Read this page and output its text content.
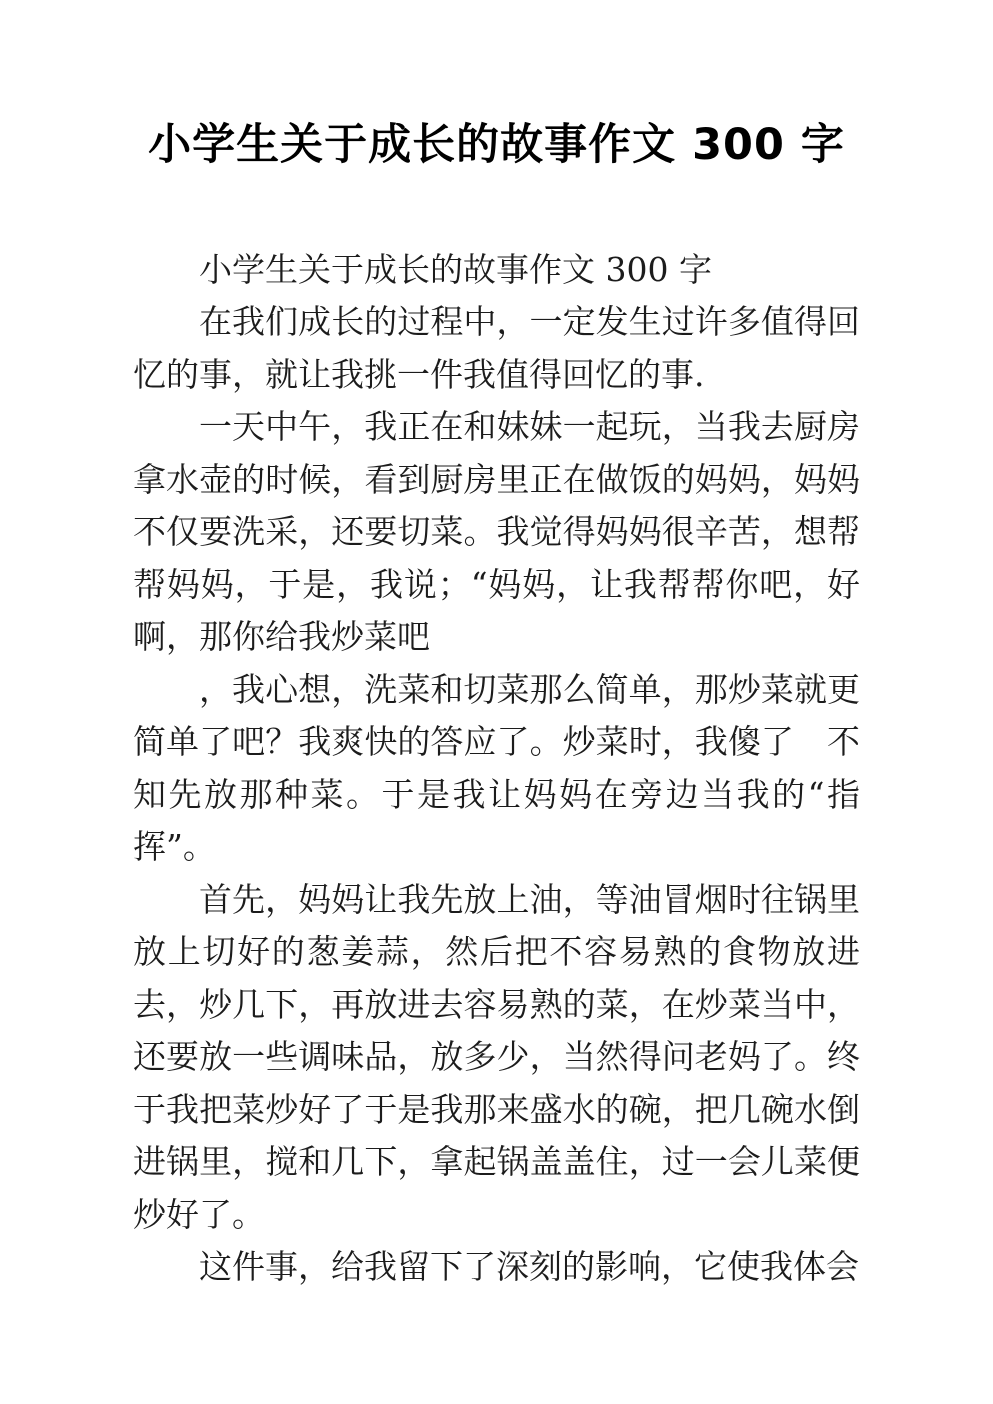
小学生关于成长的故事作文 300 字

小学生关于成长的故事作文 300 字

在我们成长的过程中，一定发生过许多值得回忆的事，就让我挑一件我值得回忆的事.

一天中午，我正在和妹妹一起玩，当我去厨房拿水壶的时候，看到厨房里正在做饭的妈妈，妈妈不仅要洗采，还要切菜。我觉得妈妈很辛苦，想帮帮妈妈，于是，我说；“妈妈，让我帮帮你吧，好啊，那你给我炒菜吧

，我心想，洗菜和切菜那么简单，那炒菜就更简单了吧？我爽快的答应了。炒菜时，我傻了　不知先放那种菜。于是我让妈妈在旁边当我的“指挥”。

首先，妈妈让我先放上油，等油冒烟时往锅里放上切好的葱姜蒜，然后把不容易熟的食物放进去，炒几下，再放进去容易熟的菜，在炒菜当中，还要放一些调味品，放多少，当然得问老妈了。终于我把菜炒好了于是我那来盛水的碗，把几碗水倒进锅里，搅和几下，拿起锅盖盖住，过一会儿菜便炒好了。

这件事，给我留下了深刻的影响，它使我体会
